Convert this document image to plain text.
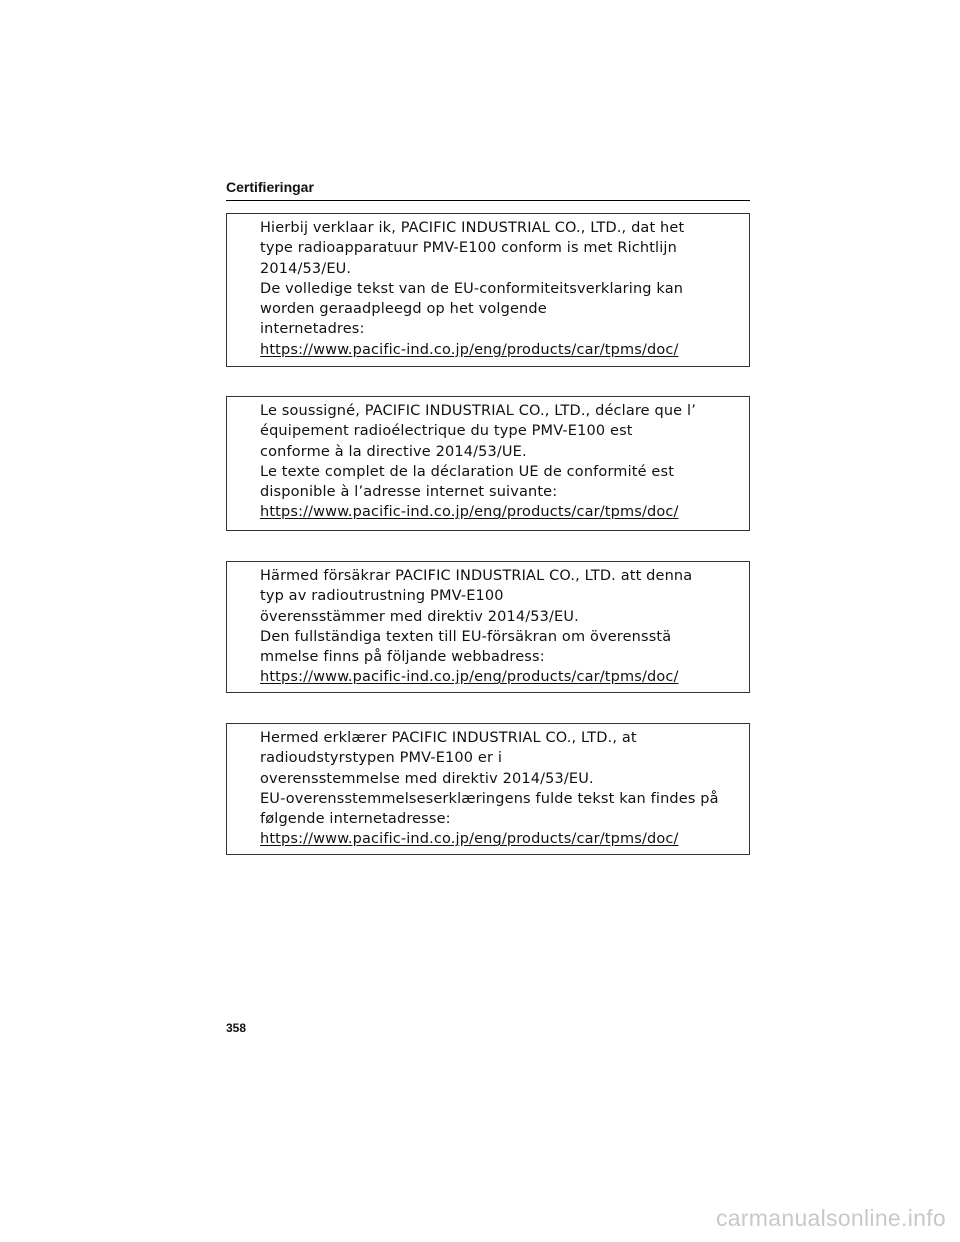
Certifieringar
Hierbij verklaar ik, PACIFIC INDUSTRIAL CO., LTD., dat het
type radioapparatuur PMV-E100 conform is met Richtlijn
2014/53/EU.
De volledige tekst van de EU-conformiteitsverklaring kan
worden geraadpleegd op het volgende
internetadres:
https://www.pacific-ind.co.jp/eng/products/car/tpms/doc/
Le soussigné, PACIFIC INDUSTRIAL CO., LTD., déclare que l’
équipement radioélectrique du type PMV-E100 est
conforme à la directive 2014/53/UE.
Le texte complet de la déclaration UE de conformité est
disponible à l’adresse internet suivante:
https://www.pacific-ind.co.jp/eng/products/car/tpms/doc/
Härmed försäkrar PACIFIC INDUSTRIAL CO., LTD. att denna
typ av radioutrustning PMV-E100
överensstämmer med direktiv 2014/53/EU.
Den fullständiga texten till EU-försäkran om överensstä
mmelse finns på följande webbadress:
https://www.pacific-ind.co.jp/eng/products/car/tpms/doc/
Hermed erklærer PACIFIC INDUSTRIAL CO., LTD., at
radioudstyrstypen PMV-E100 er i
overensstemmelse med direktiv 2014/53/EU.
EU-overensstemmelseserklæringens fulde tekst kan findes på
følgende internetadresse:
https://www.pacific-ind.co.jp/eng/products/car/tpms/doc/
358
carmanualsonline.info
